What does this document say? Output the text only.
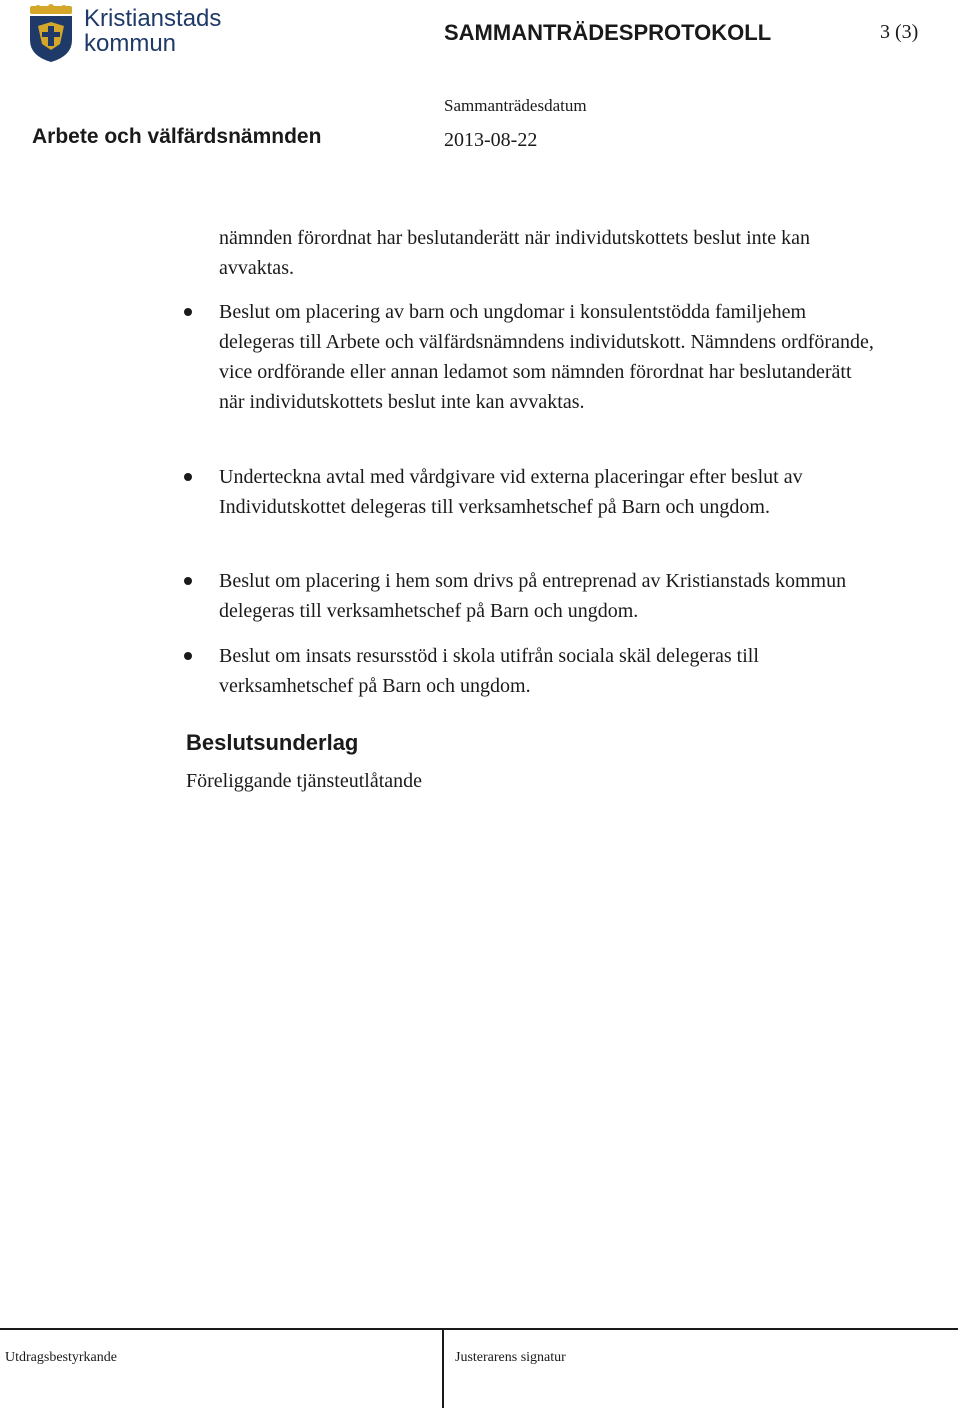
Kristianstads
kommun	SAMMANTRÄDESPROTOKOLL	3 (3)
Sammanträdesdatum
Arbete och välfärdsnämnden	2013-08-22
nämnden förordnat har beslutanderätt när individutskottets beslut inte kan avvaktas.
Beslut om placering av barn och ungdomar i konsulentstödda familjehem delegeras till Arbete och välfärdsnämndens individutskott. Nämndens ordförande, vice ordförande eller annan ledamot som nämnden förordnat har beslutanderätt när individutskottets beslut inte kan avvaktas.
Underteckna avtal med vårdgivare vid externa placeringar efter beslut av Individutskottet delegeras till verksamhetschef på Barn och ungdom.
Beslut om placering i hem som drivs på entreprenad av Kristianstads kommun delegeras till verksamhetschef på Barn och ungdom.
Beslut om insats resursstöd i skola utifrån sociala skäl delegeras till verksamhetschef på Barn och ungdom.
Beslutsunderlag
Föreliggande tjänsteutlåtande
Utdragsbestyrkande	Justerarens signatur
